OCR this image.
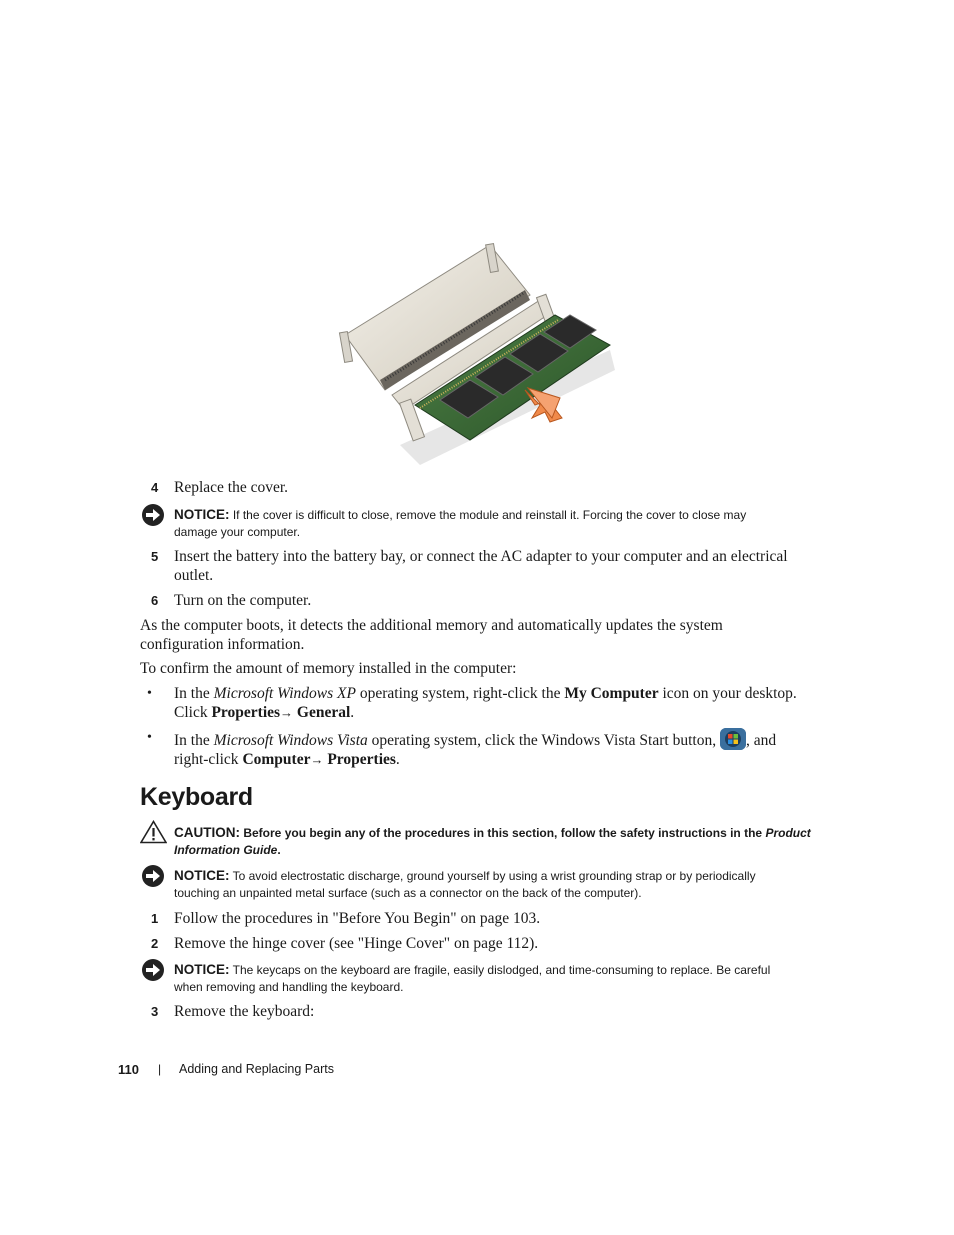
4 Replace the cover.
NOTICE: If the cover is difficult to close, remove the module and reinstall it. Forcing the cover to close may
damage your computer.
5 Insert the battery into the battery bay, or connect the AC adapter to your computer and an electrical
outlet.
6 Turn on the computer.
As the computer boots, it detects the additional memory and automatically updates the system
configuration information.
To confirm the amount of memory installed in the computer:
• In the Microsoft Windows XP operating system, right-click the My Computer icon on your desktop.
Click Properties→ General.
• In the Microsoft Windows Vista operating system, click the Windows Vista Start button,
, and
right-click Computer→ Properties.
Keyboard
CAUTION: Before you begin any of the procedures in this section, follow the safety instructions in the Product
Information Guide.
NOTICE: To avoid electrostatic discharge, ground yourself by using a wrist grounding strap or by periodically
touching an unpainted metal surface (such as a connector on the back of the computer).
1 Follow the procedures in "Before You Begin" on page 103.
2 Remove the hinge cover (see "Hinge Cover" on page 112).
NOTICE: The keycaps on the keyboard are fragile, easily dislodged, and time-consuming to replace. Be careful
when removing and handling the keyboard.
3 Remove the keyboard:
110 | Adding and Replacing Parts
